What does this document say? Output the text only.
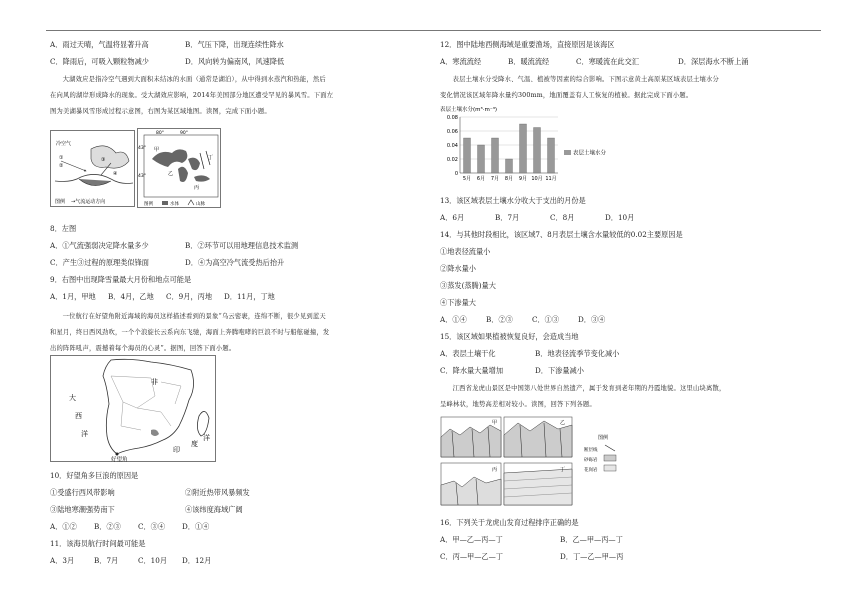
A．雨过天晴，气温将显著升高	B．气压下降，出现连续性降水
C．降雨后，可吸入颗粒物减少	D．风向转为偏南风，风速降低
大湖效应是指冷空气遇到大面积未结冰的水面（通常是湖泊），从中得到水蒸汽和热能，然后
在向风的湖岸形成降水的现象。受大湖效应影响，2014年美国部分地区遭受罕见的暴风雪。下面左
图为美湖暴风雪形成过程示意图，右图为某区域地图。读图，完成下面小题。
冷空气
①
②
③
④
图例 →气流运动方向
80°	90°
43°
43°
甲
乙
丙
丁
图例	水体	山脉
8．左图
A．①气流强弱决定降水量多少	B．②环节可以用地理信息技术监测
C．产生③过程的原理类似锋面	D．④为高空冷气流受热后抬升
9．右图中出现降雪量最大月份和地点可能是
A．1月，甲地	B．4月，乙地	C．9月，丙地	D．11月，丁地
一位航行在好望角附近海域的海员这样描述看到的景象“乌云密裹，连绵不断，很少见到蓝天
和星月，终日西风劲吹，一个个浪旋长云系向东飞驰，海面上奔腾咆哮的巨浪不时与船舷碰撞，发
出的阵阵吼声，震撼着每个海员的心灵”。据图，回答下面小题。
非
大
西
洋
印
度
洋
好望角
10．好望角多巨浪的原因是
①受盛行西风带影响	②附近热带风暴频发
③陆地寒潮强势南下	④该纬度海域广阔
A．①②	B．②③	C．③④	D．①④
11．该海员航行时间最可能是
A．3月	B．7月	C．10月	D．12月
12．图中陆地西侧海域是重要渔场，直接原因是该海区
A．寒流流经	B．暖流流经	C．寒暖流在此交汇	D．深层海水不断上涌
表层土壤水分受降水、气温、植被等因素的综合影响。下图示意黄土高原某区域表层土壤水分
变化情况该区域年降水量约300mm，地面覆盖有人工恢复的植被。据此完成下面小题。
表层土壤水分(m³·m⁻³)
5月 6月 7月 8月 9月 10月 11月
0
0.02
0.04
0.06
0.08
表层土壤水分
13．该区域表层土壤水分收大于支出的月份是
A．6月	B．7月	C．8月	D．10月
14．与其他时段相比，该区域7、8月表层土壤含水量较低的0.02主要原因是
①地表径流量小
②降水量小
③蒸发(蒸腾)量大
④下渗量大
A．①④	B．②③	C．①③	D．③④
15．该区域如果植被恢复良好，会造成当地
A．表层土壤干化	B．地表径流季节变化减小
C．降水量大量增加	D．下渗量减小
江西省龙虎山景区是中国第八处世界自然遗产，属于发育到老年期的丹霞地貌。这里山块离散，
呈峰林状，地势高差相对较小。读图，回答下列各题。
甲	乙
丙	丁
图例
断层线
砂砾岩
花岗岩
16．下列关于龙虎山发育过程排序正确的是
A．甲—乙—丙—丁	B．乙—甲—丙—丁
C．丙—甲—乙—丁	D．丁—乙—甲—丙
